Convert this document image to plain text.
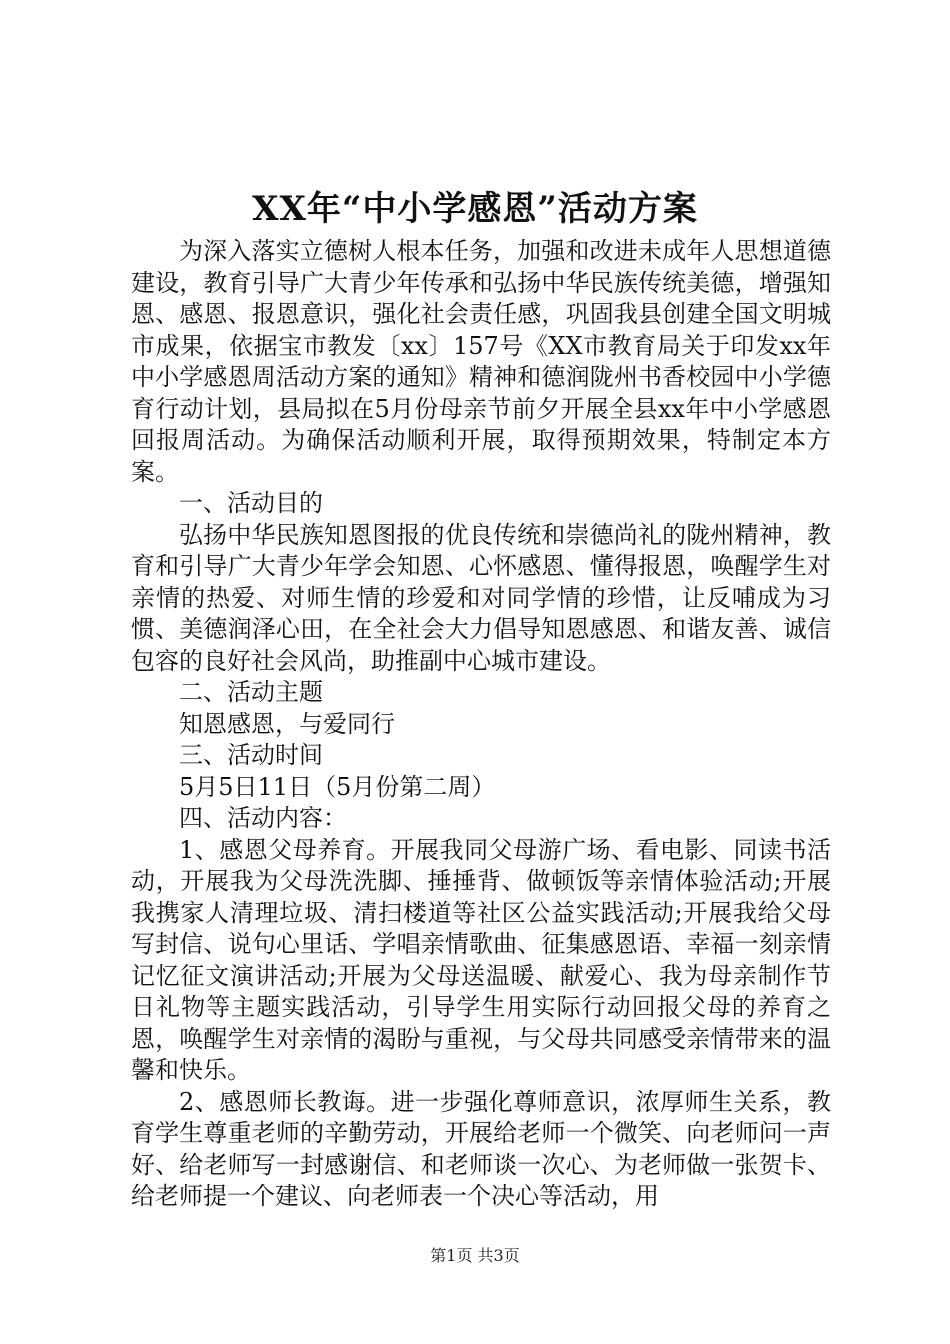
XX年“中小学感恩”活动方案

为深入落实立德树人根本任务，加强和改进未成年人思想道德建设，教育引导广大青少年传承和弘扬中华民族传统美德，增强知恩、感恩、报恩意识，强化社会责任感，巩固我县创建全国文明城市成果，依据宝市教发〔xx〕157号《XX市教育局关于印发xx年中小学感恩周活动方案的通知》精神和德润陇州书香校园中小学德育行动计划，县局拟在5月份母亲节前夕开展全县xx年中小学感恩回报周活动。为确保活动顺利开展，取得预期效果，特制定本方案。

一、活动目的

弘扬中华民族知恩图报的优良传统和崇德尚礼的陇州精神，教育和引导广大青少年学会知恩、心怀感恩、懂得报恩，唤醒学生对亲情的热爱、对师生情的珍爱和对同学情的珍惜，让反哺成为习惯、美德润泽心田，在全社会大力倡导知恩感恩、和谐友善、诚信包容的良好社会风尚，助推副中心城市建设。

二、活动主题

知恩感恩，与爱同行

三、活动时间

5月5日11日（5月份第二周）

四、活动内容：

1、感恩父母养育。开展我同父母游广场、看电影、同读书活动，开展我为父母洗洗脚、捶捶背、做顿饭等亲情体验活动;开展我携家人清理垃圾、清扫楼道等社区公益实践活动;开展我给父母写封信、说句心里话、学唱亲情歌曲、征集感恩语、幸福一刻亲情记忆征文演讲活动;开展为父母送温暖、献爱心、我为母亲制作节日礼物等主题实践活动，引导学生用实际行动回报父母的养育之恩，唤醒学生对亲情的渴盼与重视，与父母共同感受亲情带来的温馨和快乐。

2、感恩师长教诲。进一步强化尊师意识，浓厚师生关系，教育学生尊重老师的辛勤劳动，开展给老师一个微笑、向老师问一声好、给老师写一封感谢信、和老师谈一次心、为老师做一张贺卡、给老师提一个建议、向老师表一个决心等活动，用

第1页 共3页
